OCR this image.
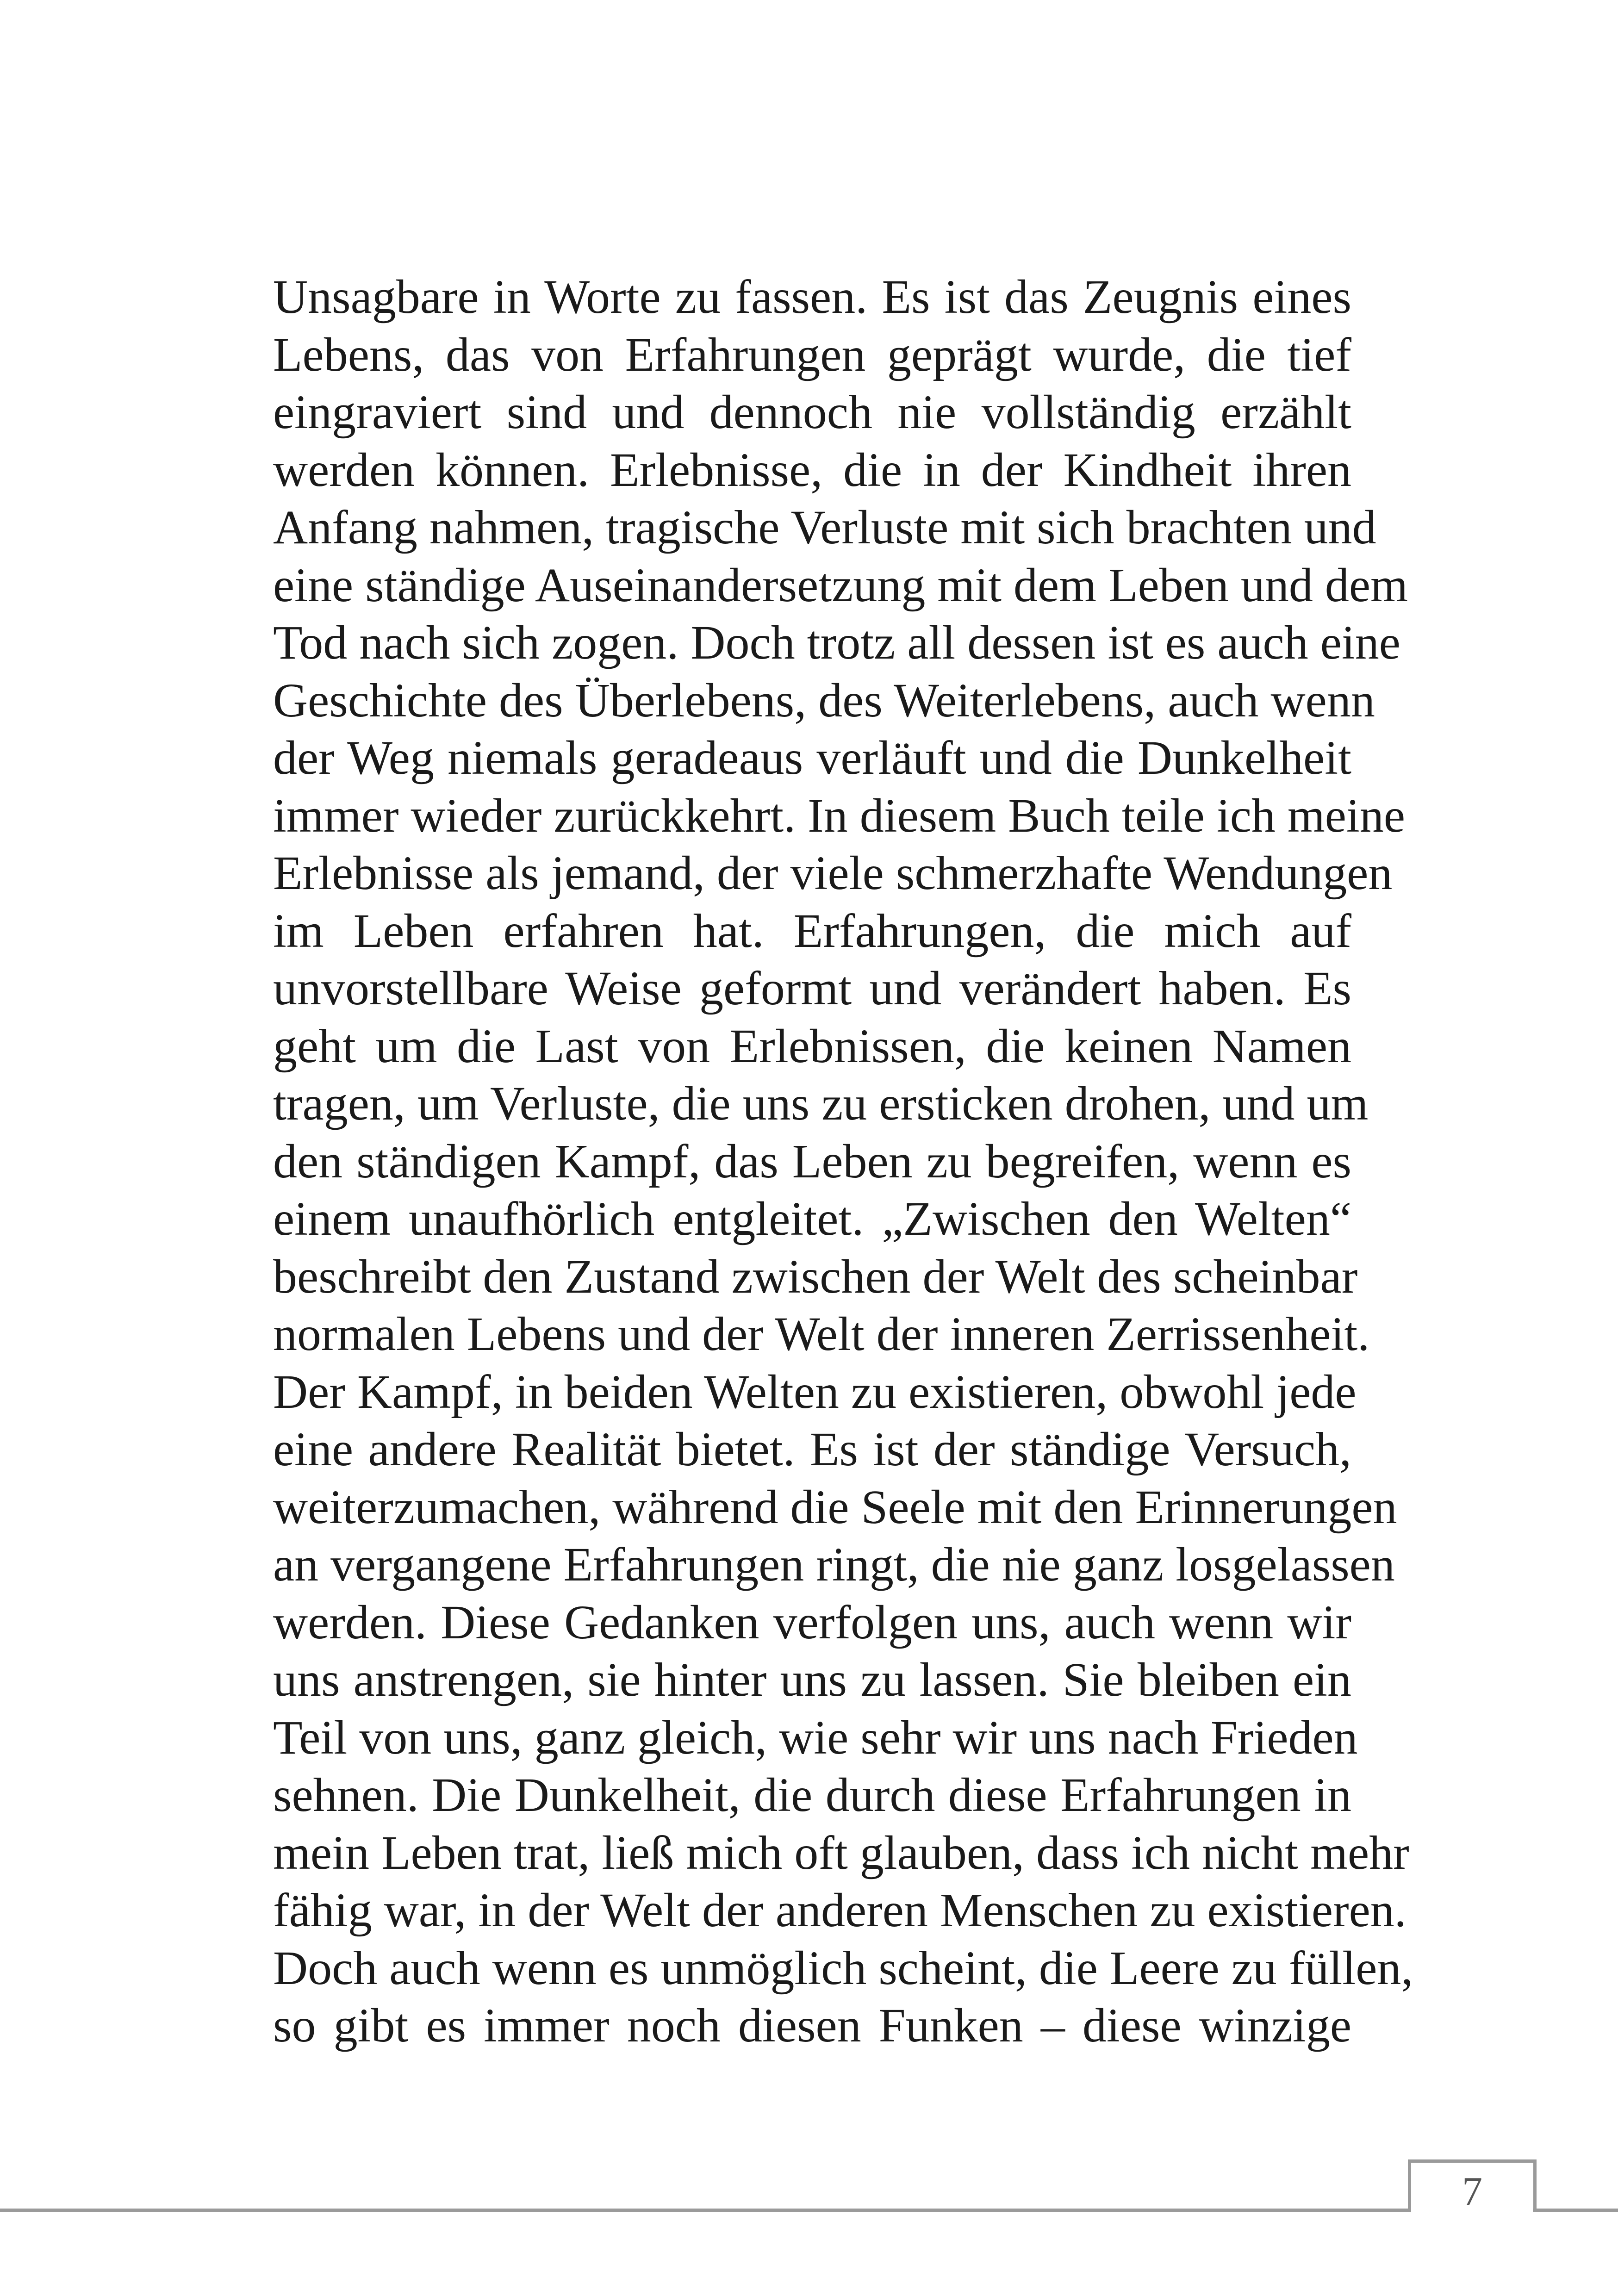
Unsagbare in Worte zu fassen. Es ist das Zeugnis eines
Lebens, das von Erfahrungen geprägt wurde, die tief
eingraviert sind und dennoch nie vollständig erzählt
werden können. Erlebnisse, die in der Kindheit ihren
Anfang nahmen, tragische Verluste mit sich brachten und
eine ständige Auseinandersetzung mit dem Leben und dem
Tod nach sich zogen. Doch trotz all dessen ist es auch eine
Geschichte des Überlebens, des Weiterlebens, auch wenn
der Weg niemals geradeaus verläuft und die Dunkelheit
immer wieder zurückkehrt. In diesem Buch teile ich meine
Erlebnisse als jemand, der viele schmerzhafte Wendungen
im Leben erfahren hat. Erfahrungen, die mich auf
unvorstellbare Weise geformt und verändert haben. Es
geht um die Last von Erlebnissen, die keinen Namen
tragen, um Verluste, die uns zu ersticken drohen, und um
den ständigen Kampf, das Leben zu begreifen, wenn es
einem unaufhörlich entgleitet. „Zwischen den Welten“
beschreibt den Zustand zwischen der Welt des scheinbar
normalen Lebens und der Welt der inneren Zerrissenheit.
Der Kampf, in beiden Welten zu existieren, obwohl jede
eine andere Realität bietet. Es ist der ständige Versuch,
weiterzumachen, während die Seele mit den Erinnerungen
an vergangene Erfahrungen ringt, die nie ganz losgelassen
werden. Diese Gedanken verfolgen uns, auch wenn wir
uns anstrengen, sie hinter uns zu lassen. Sie bleiben ein
Teil von uns, ganz gleich, wie sehr wir uns nach Frieden
sehnen. Die Dunkelheit, die durch diese Erfahrungen in
mein Leben trat, ließ mich oft glauben, dass ich nicht mehr
fähig war, in der Welt der anderen Menschen zu existieren.
Doch auch wenn es unmöglich scheint, die Leere zu füllen,
so gibt es immer noch diesen Funken – diese winzige
7
